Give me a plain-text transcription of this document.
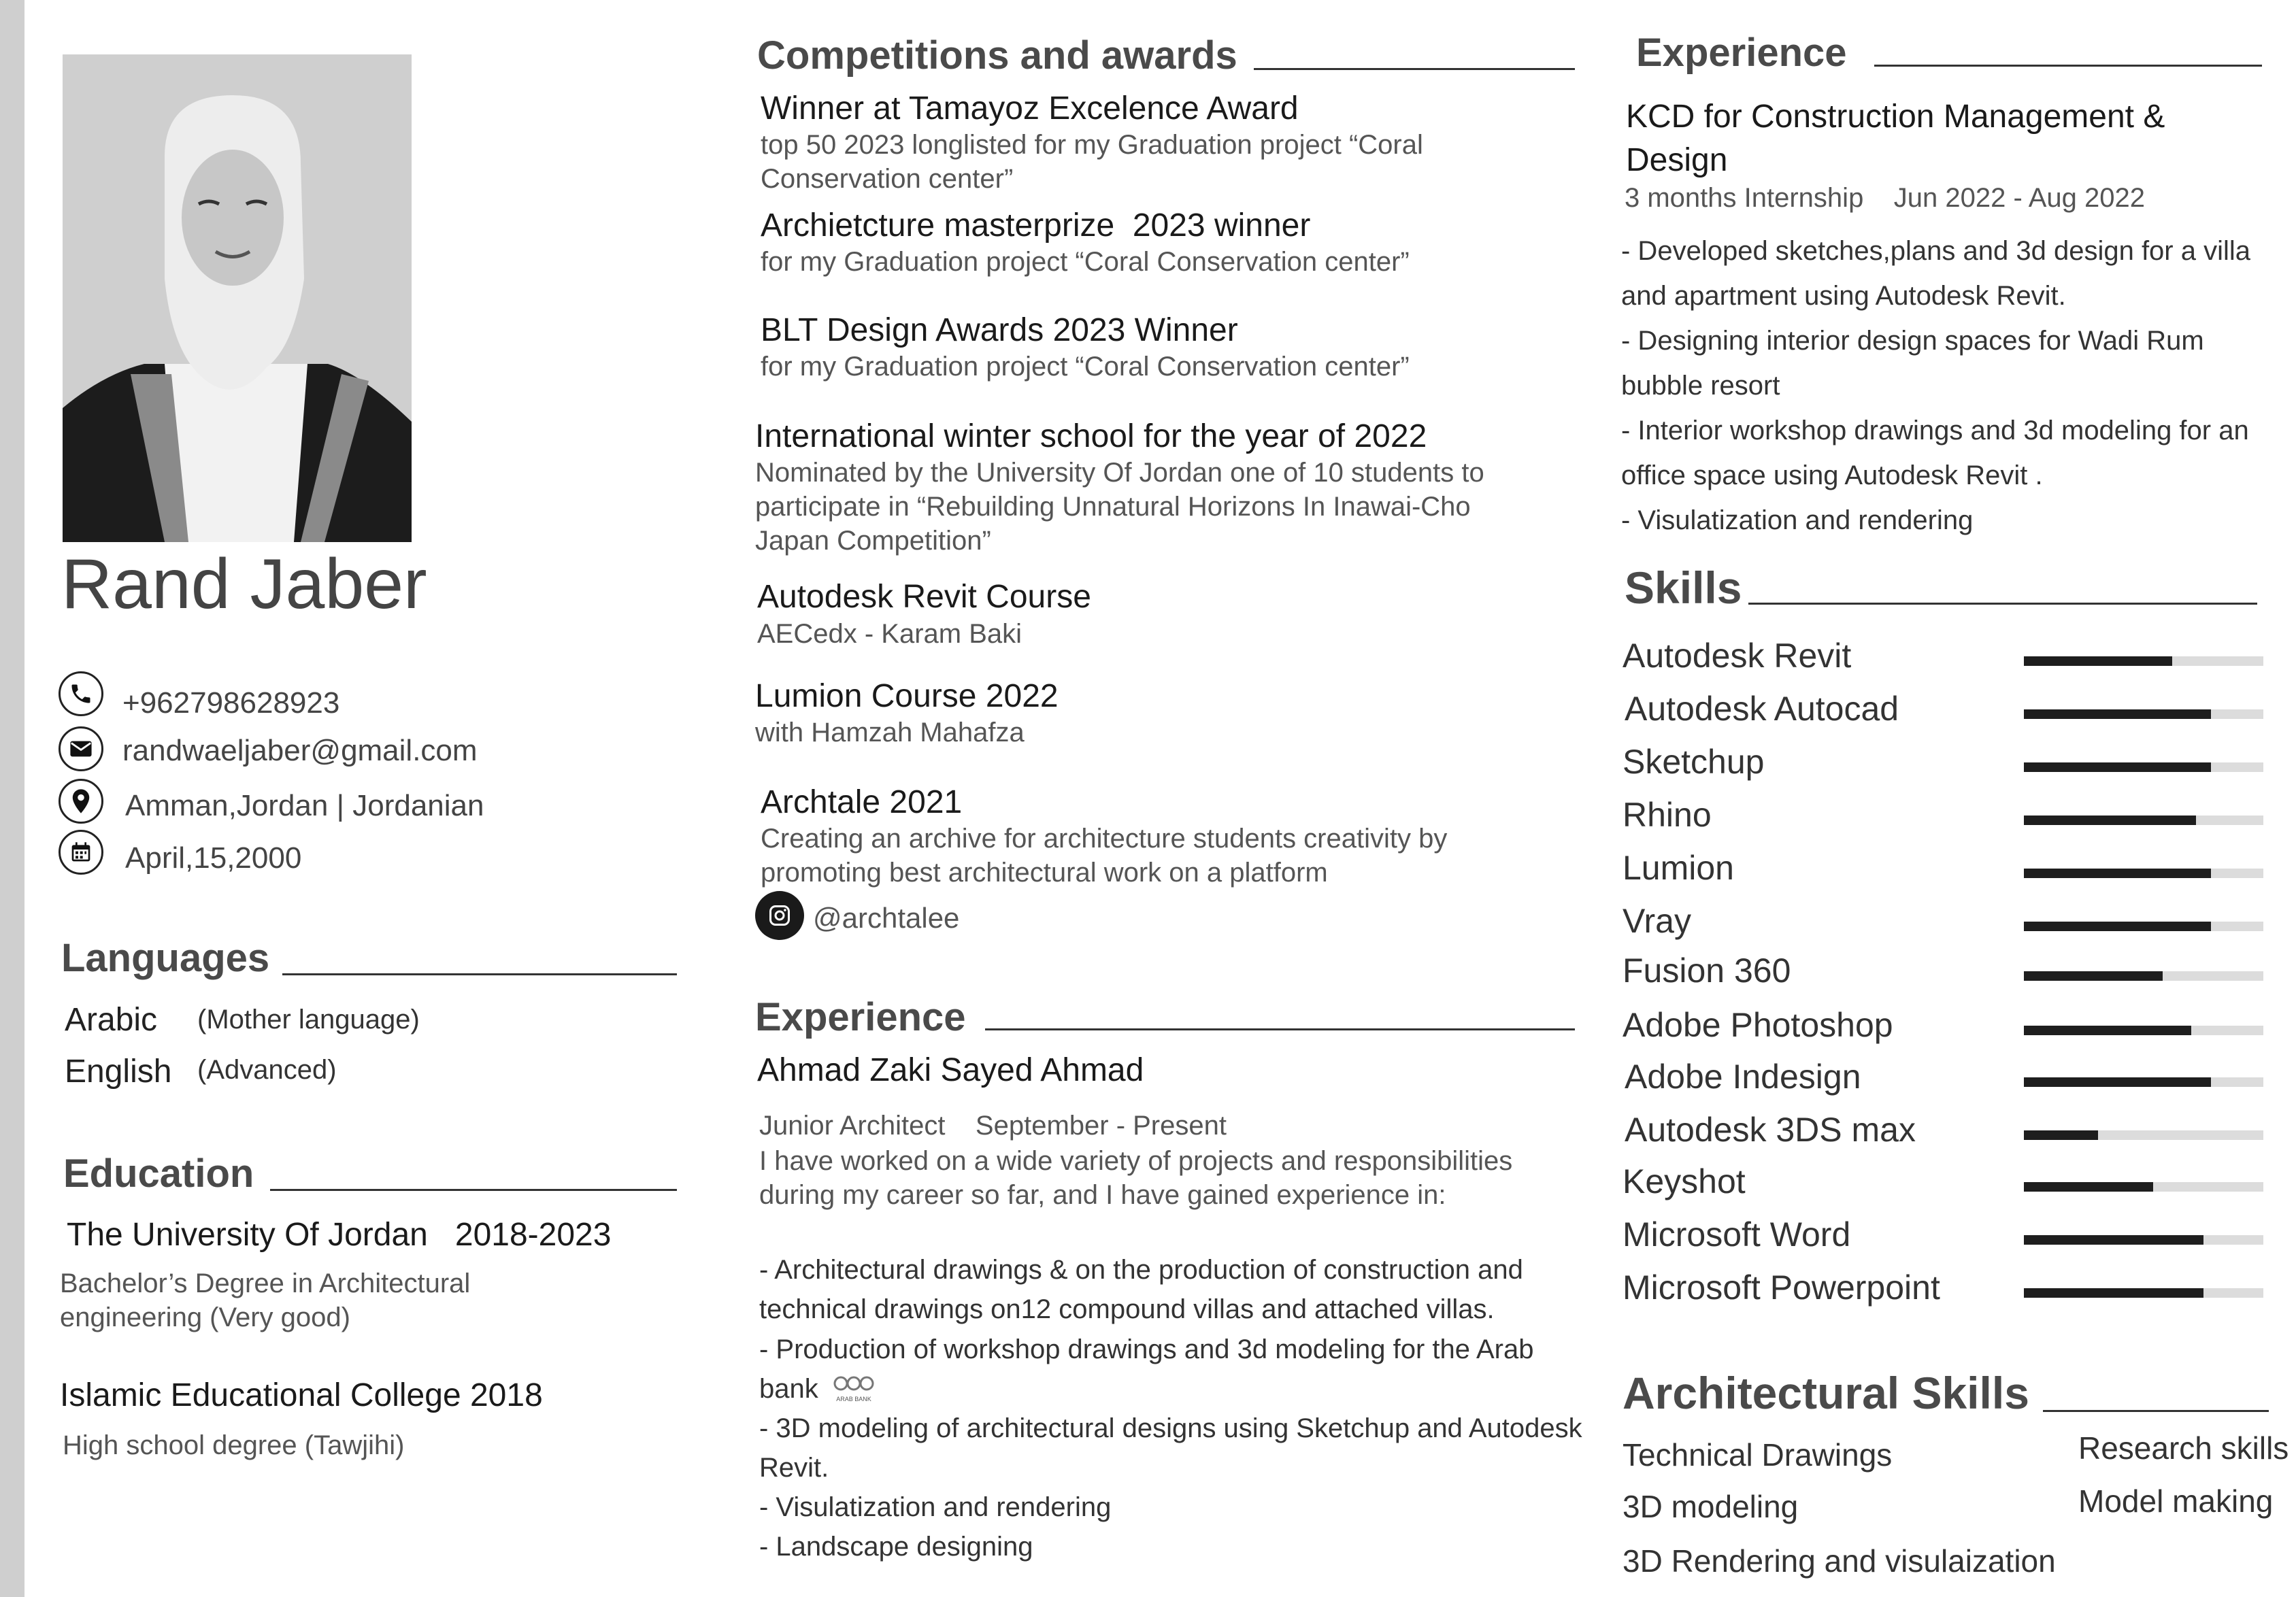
Rand Jaber
+962798628923
randwaeljaber@gmail.com
Amman,Jordan | Jordanian
April,15,2000
Languages
Arabic (Mother language)
English (Advanced)
Education
The University Of Jordan   2018-2023
Bachelor’s Degree in Architectural engineering (Very good)
Islamic Educational College 2018
High school degree (Tawjihi)
Competitions and awards
Winner at Tamayoz Excelence Award
top 50 2023 longlisted for my Graduation project “Coral Conservation center”
Archietcture masterprize  2023 winner
for my Graduation project “Coral Conservation center”
BLT Design Awards 2023 Winner
for my Graduation project “Coral Conservation center”
International winter school for the year of 2022
Nominated by the University Of Jordan one of 10 students to participate in “Rebuilding Unnatural Horizons In Inawai-Cho Japan Competition”
Autodesk Revit Course
AECedx - Karam Baki
Lumion Course 2022
with Hamzah Mahafza
Archtale 2021
Creating an archive for architecture students creativity by promoting best architectural work on a platform
@archtalee
Experience
Ahmad Zaki Sayed Ahmad
Junior Architect    September - Present
I have worked on a wide variety of projects and responsibilities during my career so far, and I have gained experience in:
- Architectural drawings & on the production of construction and technical drawings on12 compound villas and attached villas.
- Production of workshop drawings and 3d modeling for the Arab bank	ARAB BANK
- 3D modeling of architectural designs using Sketchup and Autodesk Revit.
- Visulatization and rendering
- Landscape designing
Experience
KCD for Construction Management & Design
3 months Internship    Jun 2022 - Aug 2022
- Developed sketches,plans and 3d design for a villa and apartment using Autodesk Revit.
- Designing interior design spaces for Wadi Rum bubble resort
- Interior workshop drawings and 3d modeling for an office space using Autodesk Revit .
- Visulatization and rendering
Skills
Autodesk Revit
Autodesk Autocad
Sketchup
Rhino
Lumion
Vray
Fusion 360
Adobe Photoshop
Adobe Indesign
Autodesk 3DS max
Keyshot
Microsoft Word
Microsoft Powerpoint
Architectural Skills
Technical Drawings	Research skills
3D modeling	Model making
3D Rendering and visulaization
